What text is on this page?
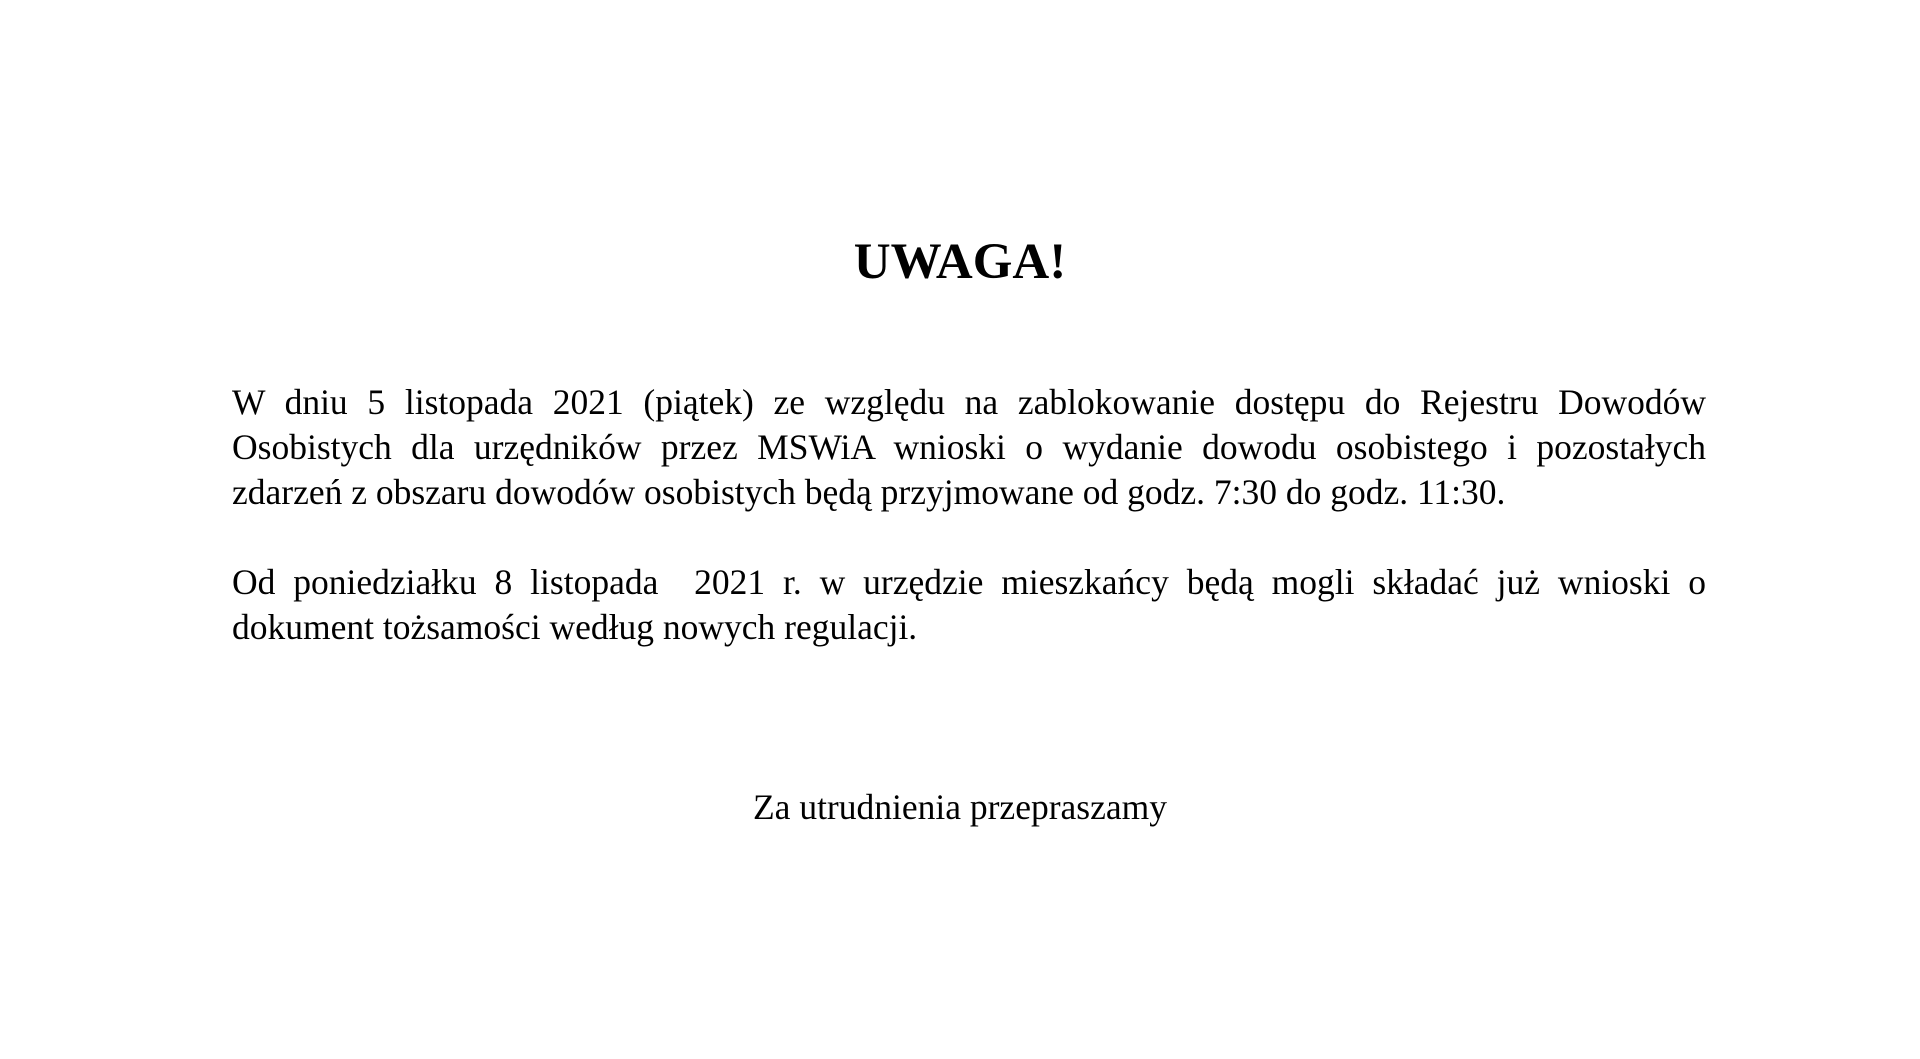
UWAGA!

W dniu 5 listopada 2021 (piątek) ze względu na zablokowanie dostępu do Rejestru Dowodów Osobistych dla urzędników przez MSWiA wnioski o wydanie dowodu osobistego i pozostałych zdarzeń z obszaru dowodów osobistych będą przyjmowane od godz. 7:30 do godz. 11:30.

Od poniedziałku 8 listopada  2021 r. w urzędzie mieszkańcy będą mogli składać już wnioski o dokument tożsamości według nowych regulacji.

Za utrudnienia przepraszamy
